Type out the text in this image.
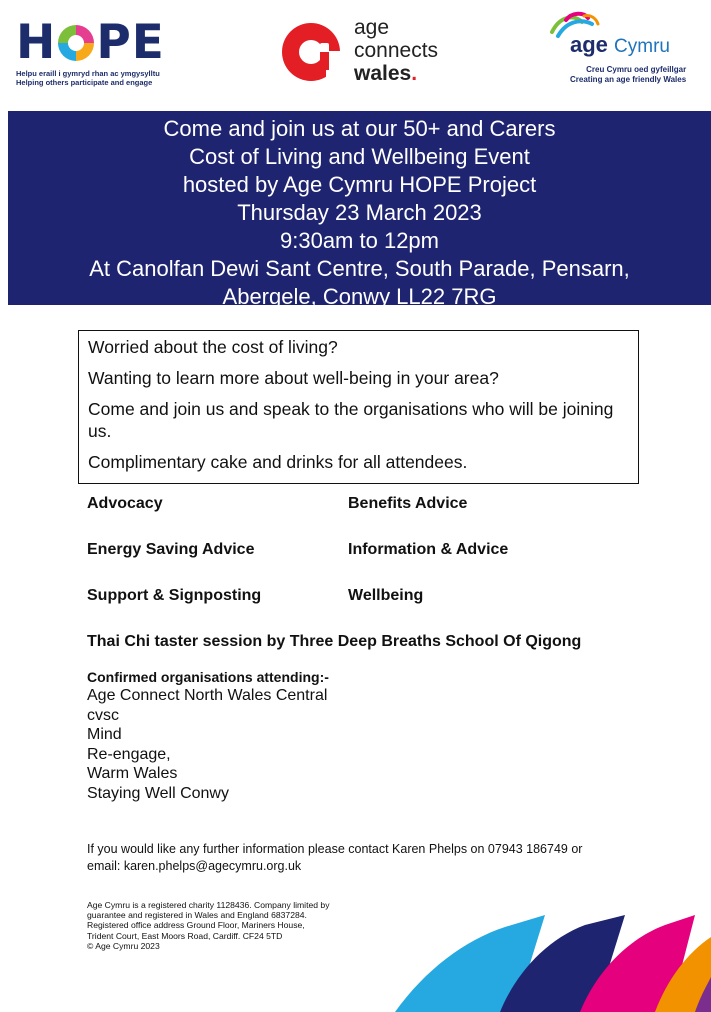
H PE
Helpu eraill i gymryd rhan ac ymgysylltu
Helping others participate and engage
age
connects
wales.
age Cymru
Creu Cymru oed gyfeillgar
Creating an age friendly Wales
Come and join us at our 50+ and Carers
Cost of Living and Wellbeing Event
hosted by Age Cymru HOPE Project
Thursday 23 March 2023
9:30am to 12pm
At Canolfan Dewi Sant Centre, South Parade, Pensarn,
Abergele, Conwy LL22 7RG

Worried about the cost of living?

Wanting to learn more about well-being in your area?

Come and join us and speak to the organisations who will be joining us.

Complimentary cake and drinks for all attendees.

Advocacy	Benefits Advice
Energy Saving Advice	Information & Advice
Support & Signposting	Wellbeing
Thai Chi taster session by Three Deep Breaths School Of Qigong
Confirmed organisations attending:-
Age Connect North Wales Central
cvsc
Mind
Re-engage,
Warm Wales
Staying Well Conwy
If you would like any further information please contact Karen Phelps on 07943 186749 or
email: karen.phelps@agecymru.org.uk
Age Cymru is a registered charity 1128436. Company limited by
guarantee and registered in Wales and England 6837284.
Registered office address Ground Floor, Mariners House,
Trident Court, East Moors Road, Cardiff. CF24 5TD
© Age Cymru 2023
